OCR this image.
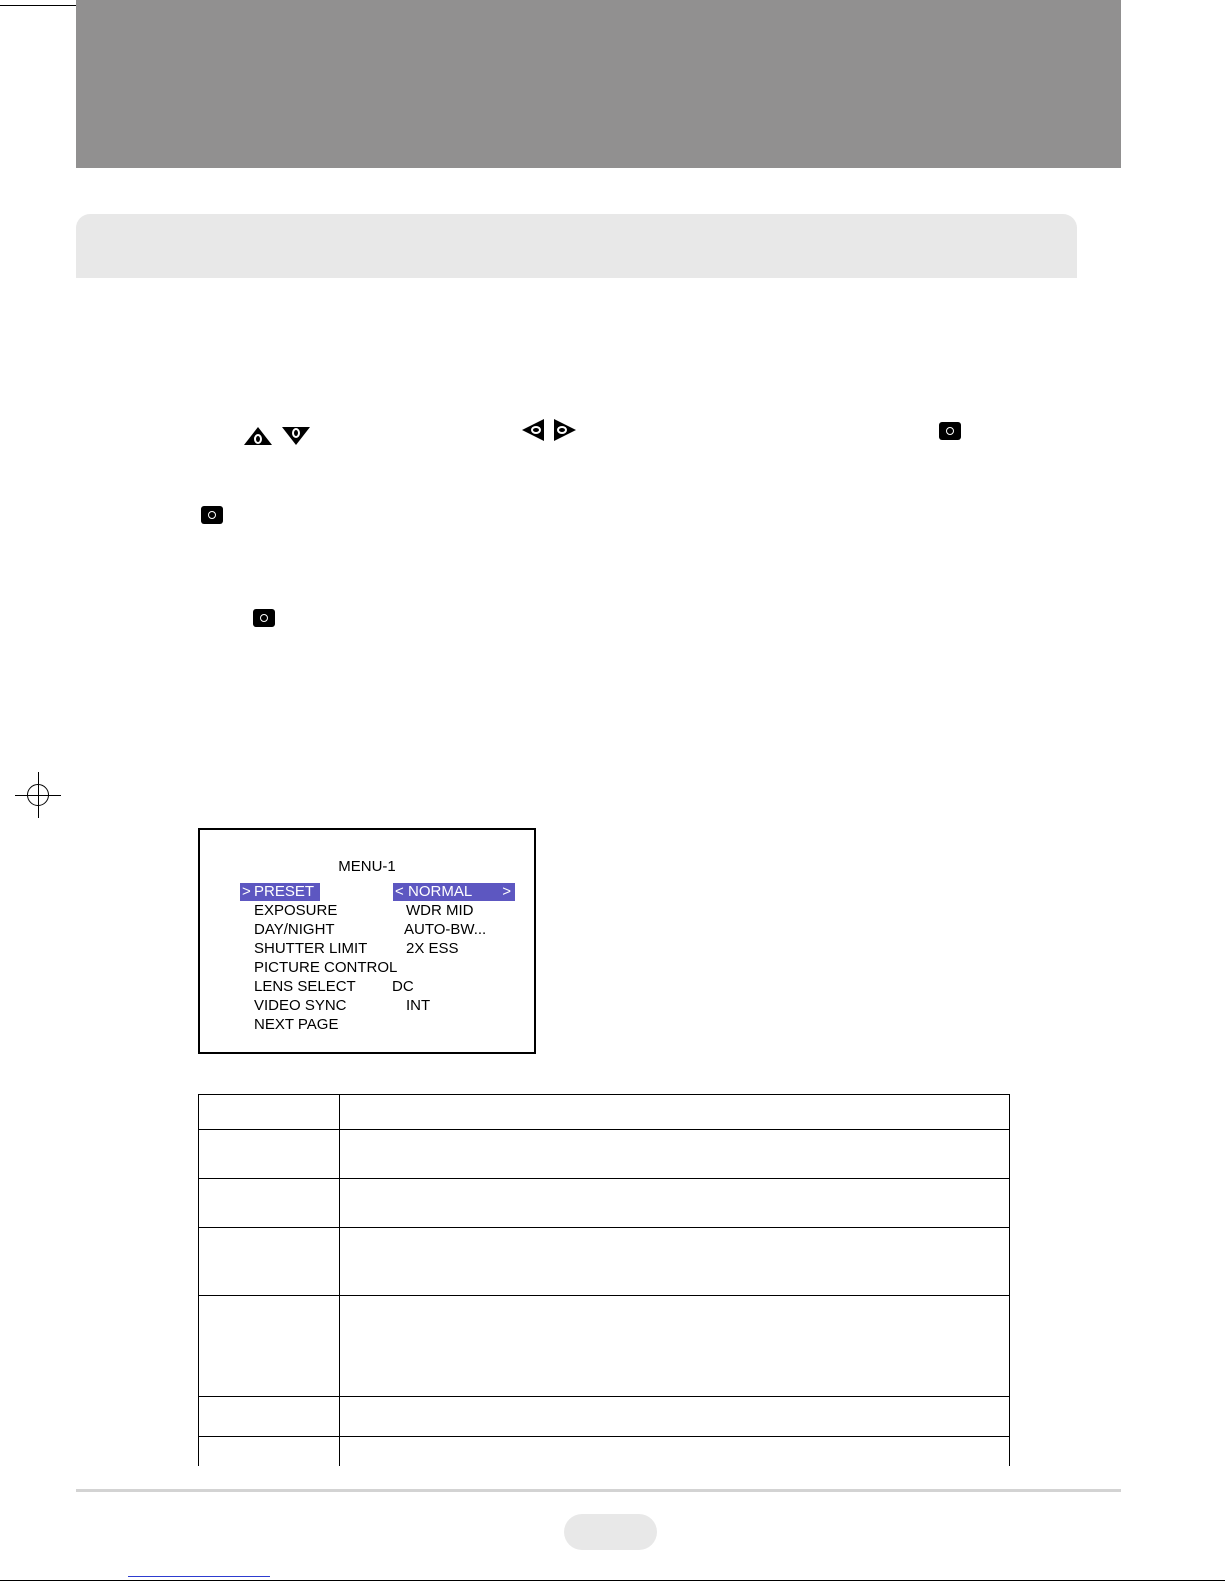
MENU-1
> PRESET	< NORMAL >
EXPOSURE	WDR MID
DAY/NIGHT	AUTO-BW...
SHUTTER LIMIT	2X ESS
PICTURE CONTROL
LENS SELECT DC
VIDEO SYNC	INT
NEXT PAGE
